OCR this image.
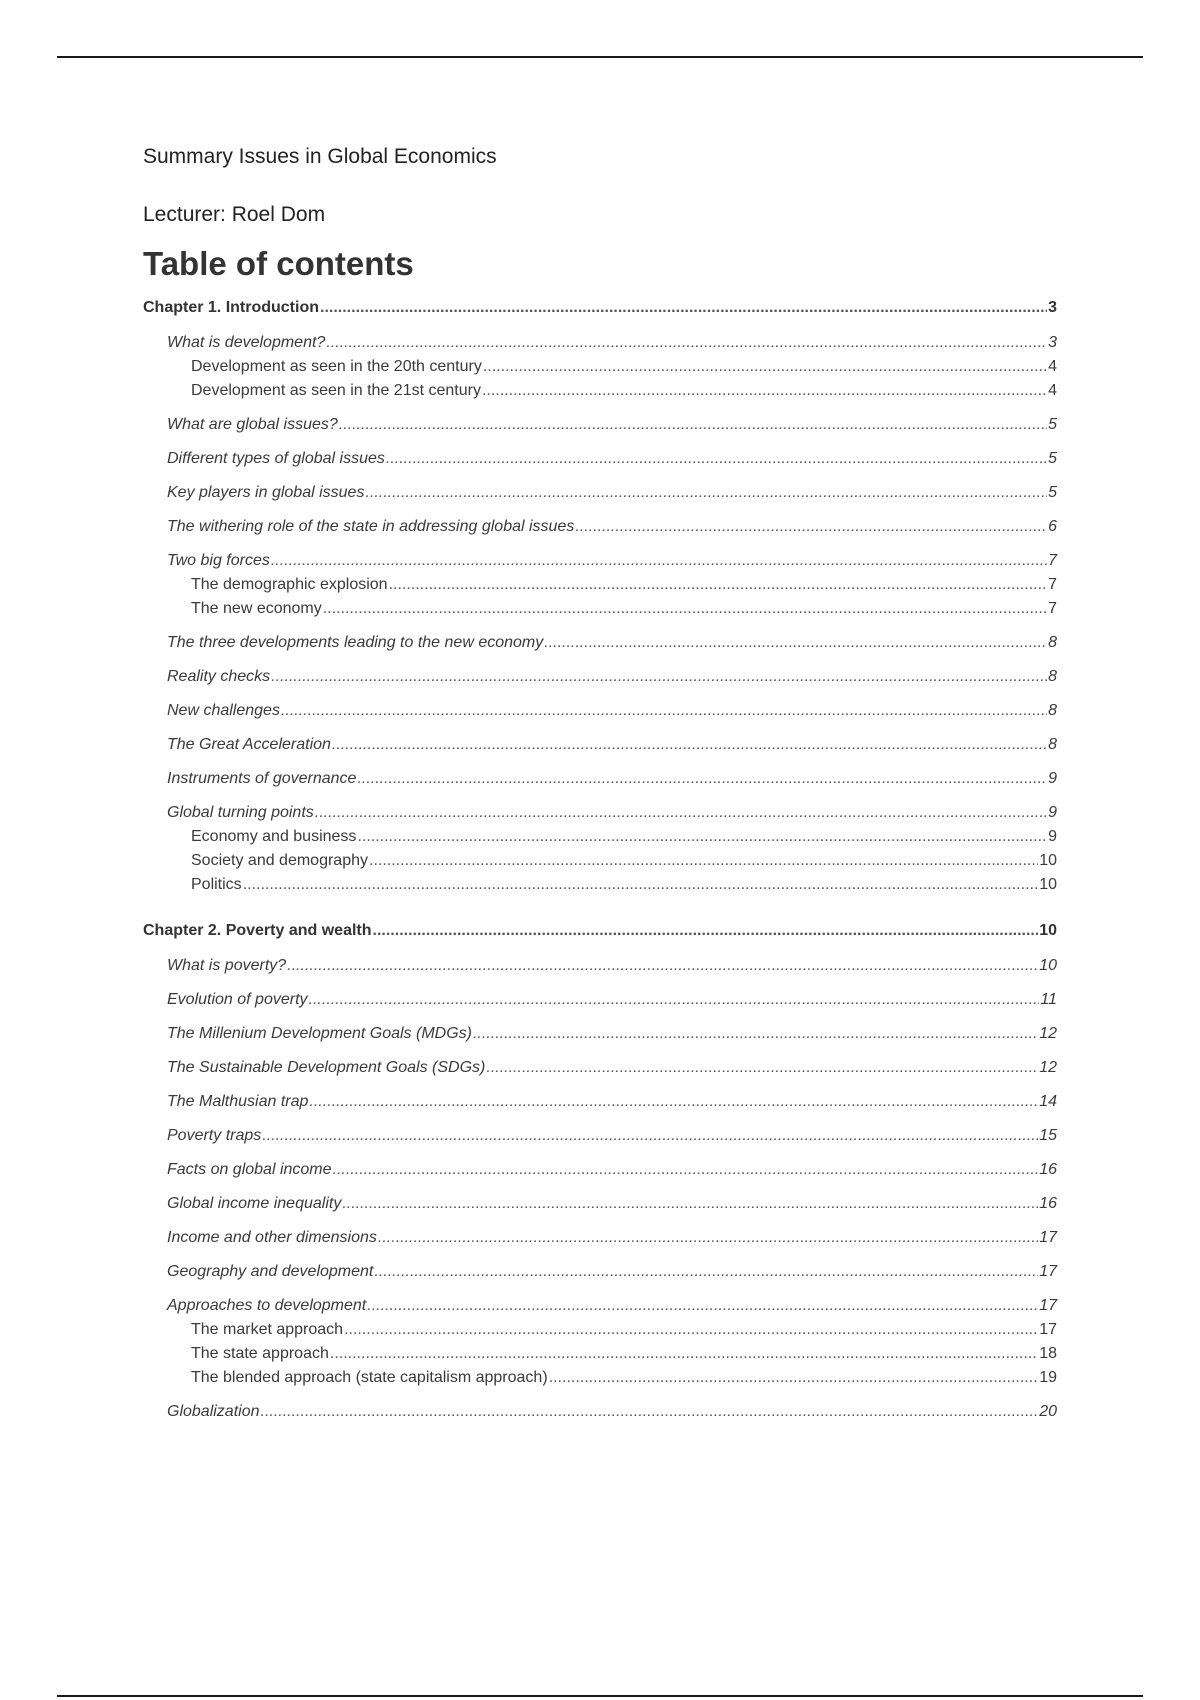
Summary Issues in Global Economics
Lecturer: Roel Dom
Table of contents
Chapter 1. Introduction .....	3
What is development? .....	3
Development as seen in the 20th century .....	4
Development as seen in the 21st century .....	4
What are global issues? .....	5
Different types of global issues .....	5
Key players in global issues .....	5
The withering role of the state in addressing global issues .....	6
Two big forces .....	7
The demographic explosion .....	7
The new economy .....	7
The three developments leading to the new economy .....	8
Reality checks .....	8
New challenges .....	8
The Great Acceleration .....	8
Instruments of governance .....	9
Global turning points .....	9
Economy and business .....	9
Society and demography .....	10
Politics .....	10
Chapter 2. Poverty and wealth .....	10
What is poverty? .....	10
Evolution of poverty .....	11
The Millenium Development Goals (MDGs) .....	12
The Sustainable Development Goals (SDGs) .....	12
The Malthusian trap .....	14
Poverty traps .....	15
Facts on global income .....	16
Global income inequality .....	16
Income and other dimensions .....	17
Geography and development .....	17
Approaches to development .....	17
The market approach .....	17
The state approach .....	18
The blended approach (state capitalism approach) .....	19
Globalization .....	20
